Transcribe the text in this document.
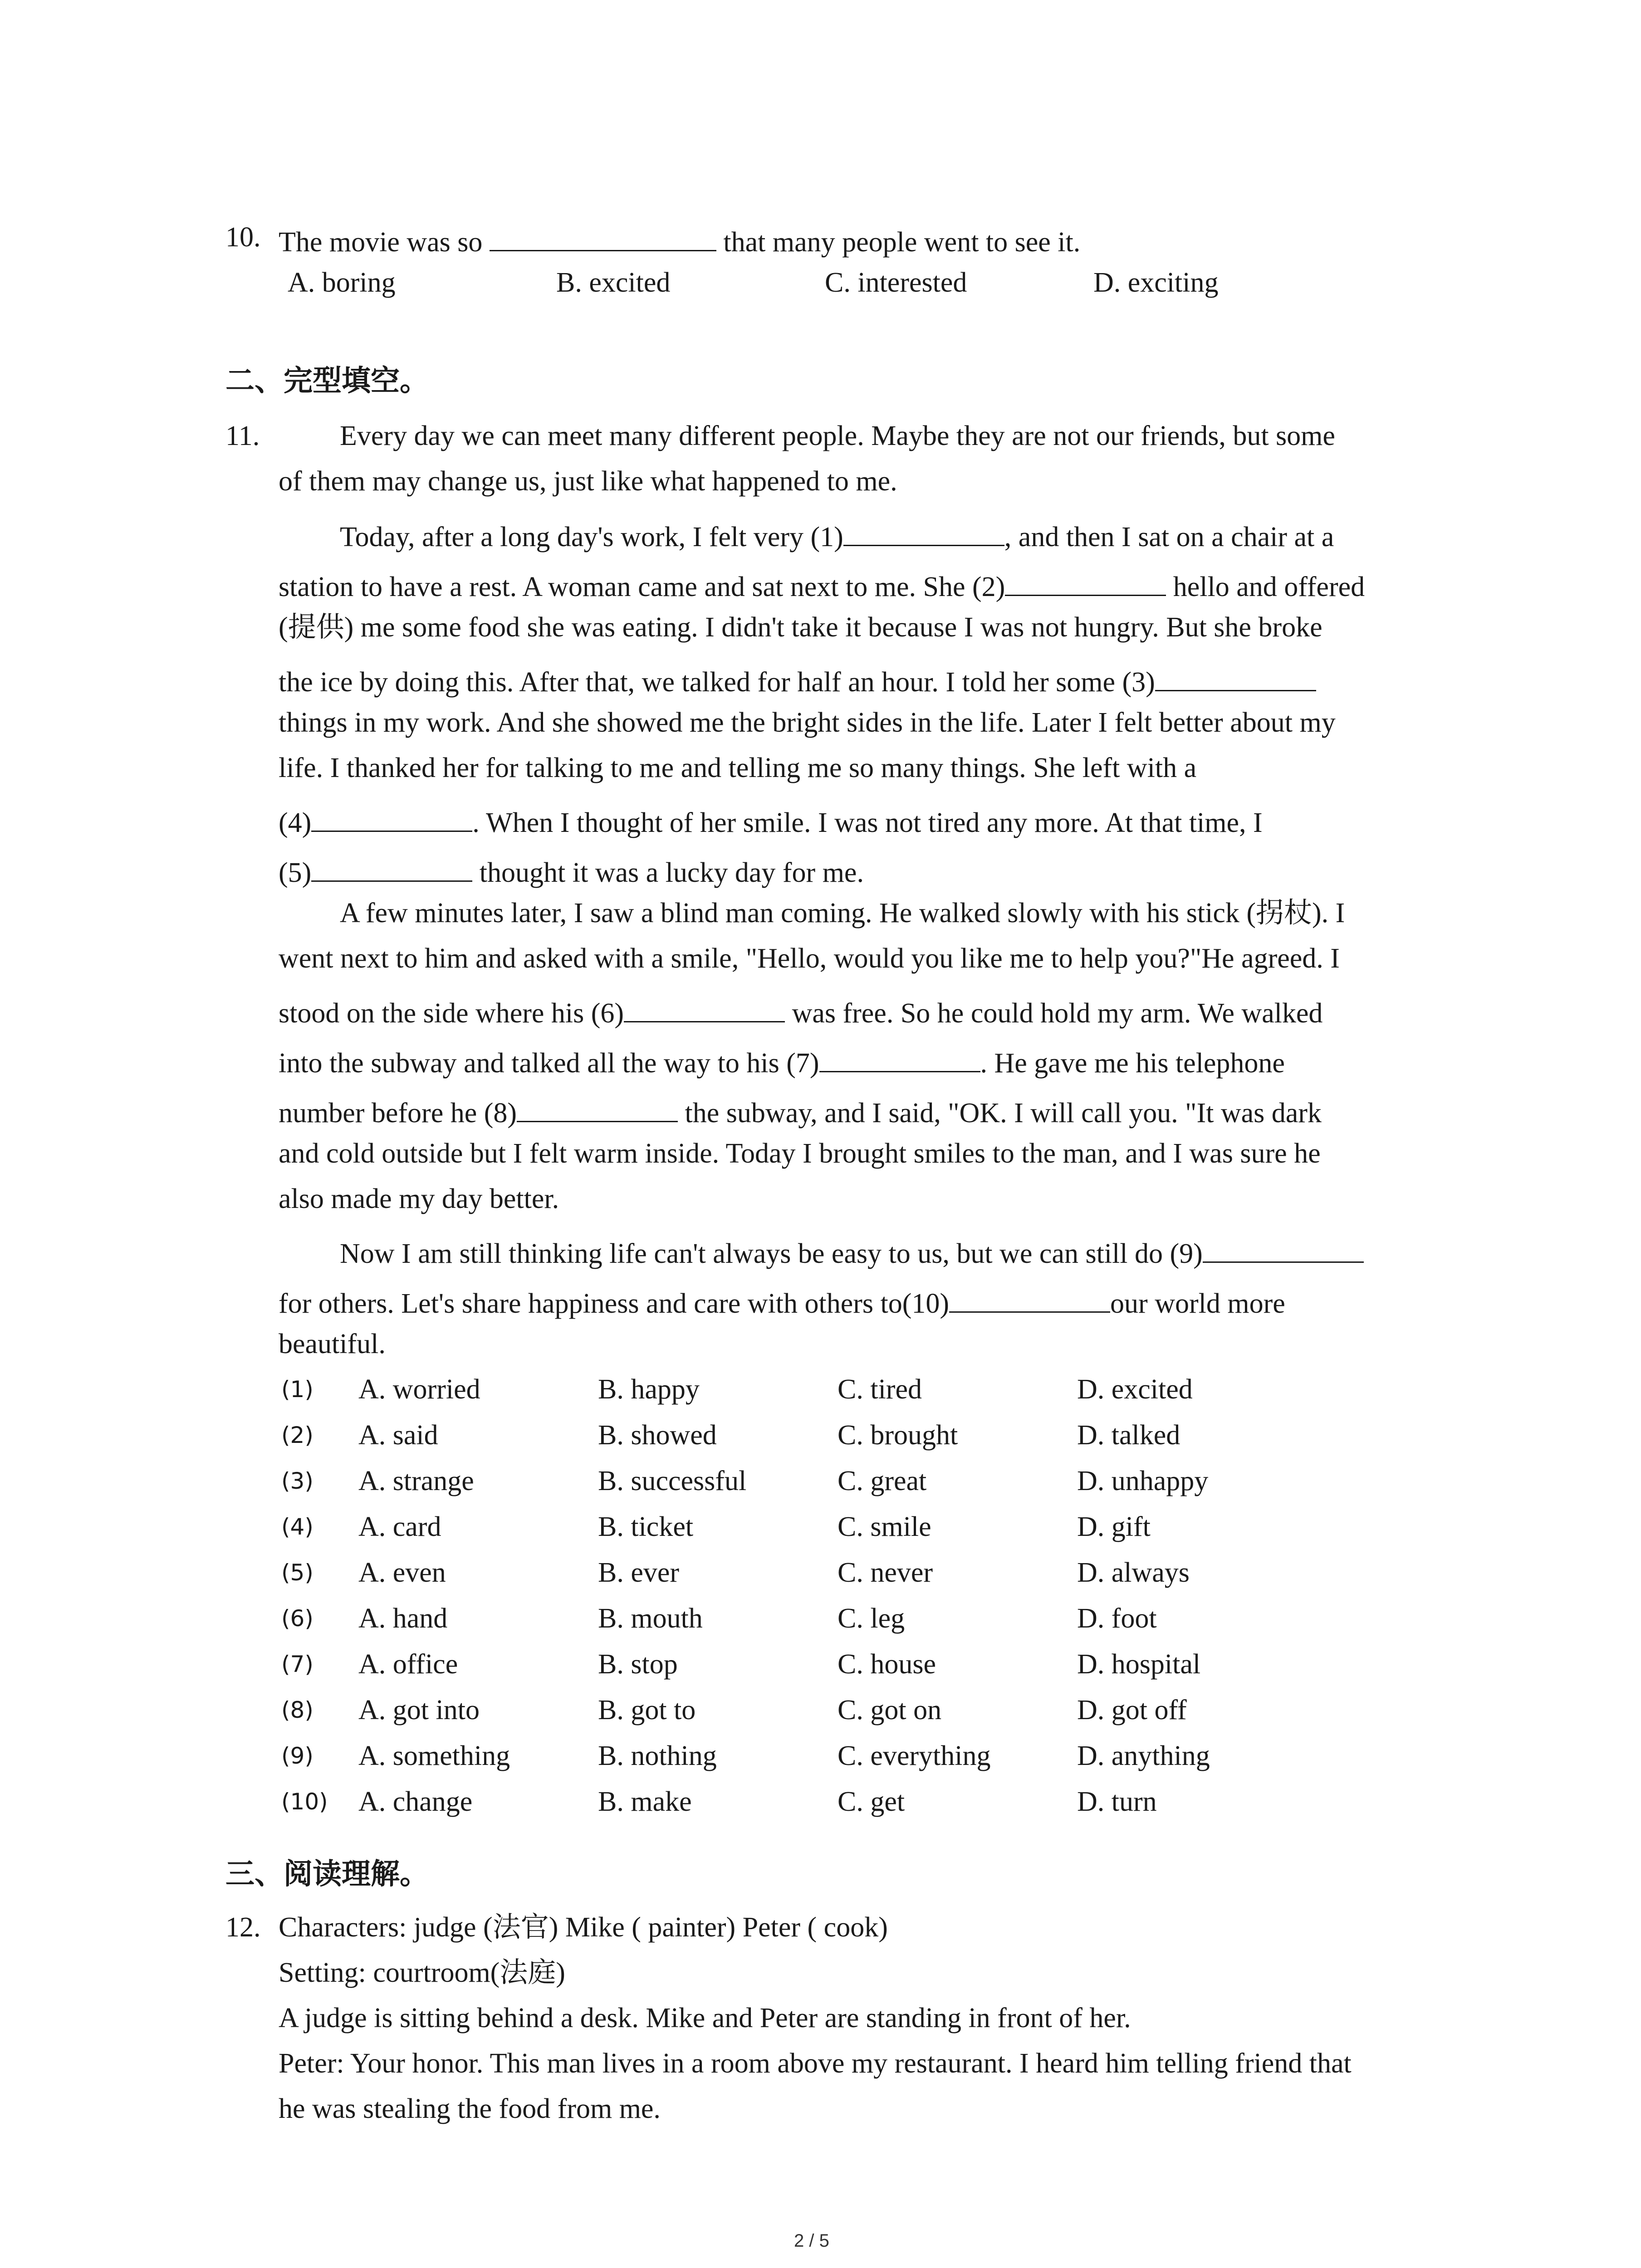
10. The movie was so	that many people went to see it.
A. boring	B. excited	C. interested	D. exciting
二、完型填空。
11.	Every day we can meet many different people. Maybe they are not our friends, but some
of them may change us, just like what happened to me.
Today, after a long day's work, I felt very (1)	, and then I sat on a chair at a
station to have a rest. A woman came and sat next to me. She (2)	hello and offered
(提供) me some food she was eating. I didn't take it because I was not hungry. But she broke
the ice by doing this. After that, we talked for half an hour. I told her some (3)
things in my work. And she showed me the bright sides in the life. Later I felt better about my
life. I thanked her for talking to me and telling me so many things. She left with a
(4)	. When I thought of her smile. I was not tired any more. At that time, I
(5)	thought it was a lucky day for me.
A few minutes later, I saw a blind man coming. He walked slowly with his stick (拐杖). I
went next to him and asked with a smile, "Hello, would you like me to help you?"He agreed. I
stood on the side where his (6)	was free. So he could hold my arm. We walked
into the subway and talked all the way to his (7)	. He gave me his telephone
number before he (8)	the subway, and I said, "OK. I will call you. "It was dark
and cold outside but I felt warm inside. Today I brought smiles to the man, and I was sure he
also made my day better.
Now I am still thinking life can't always be easy to us, but we can still do (9)
for others. Let's share happiness and care with others to(10)	our world more
beautiful.
(1) A. worried	B. happy	C. tired	D. excited
(2) A. said	B. showed	C. brought	D. talked
(3) A. strange	B. successful	C. great	D. unhappy
(4) A. card	B. ticket	C. smile	D. gift
(5) A. even	B. ever	C. never	D. always
(6) A. hand	B. mouth	C. leg	D. foot
(7) A. office	B. stop	C. house	D. hospital
(8) A. got into	B. got to	C. got on	D. got off
(9) A. something	B. nothing	C. everything	D. anything
(10) A. change	B. make	C. get	D. turn
三、阅读理解。
12. Characters: judge (法官) Mike ( painter) Peter ( cook)
Setting: courtroom(法庭)
A judge is sitting behind a desk. Mike and Peter are standing in front of her.
Peter: Your honor. This man lives in a room above my restaurant. I heard him telling friend that
he was stealing the food from me.
2 / 5
